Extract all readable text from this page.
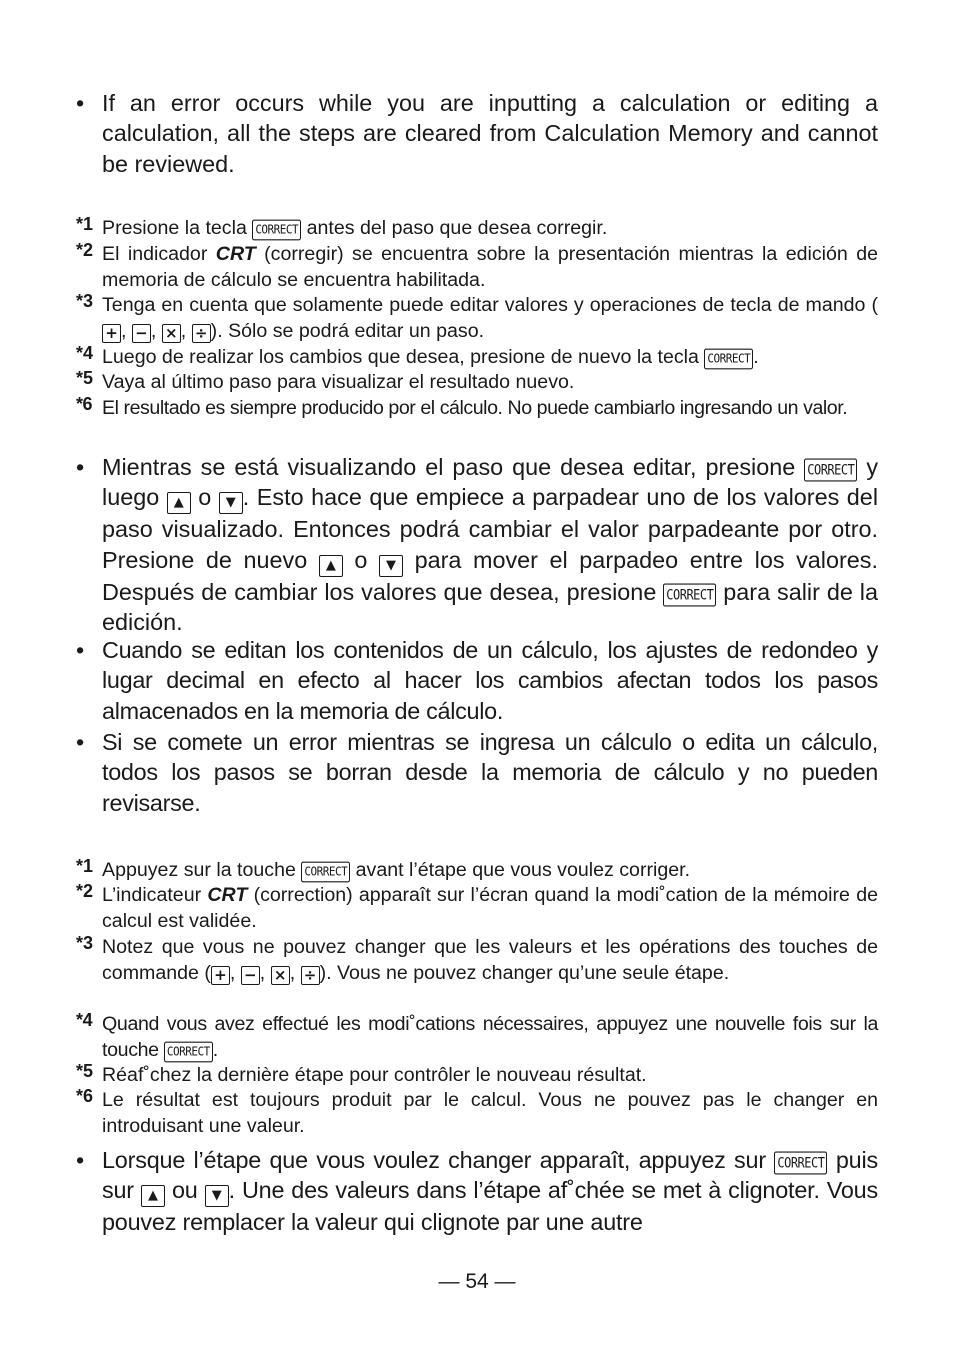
• If an error occurs while you are inputting a calculation or editing a calculation, all the steps are cleared from Calculation Memory and cannot be reviewed.
*1 Presione la tecla CORRECT antes del paso que desea corregir.
*2 El indicador CRT (corregir) se encuentra sobre la presentación mientras la edición de memoria de cálculo se encuentra habilitada.
*3 Tenga en cuenta que solamente puede editar valores y operaciones de tecla de mando (+ , − , × , ÷ ). Sólo se podrá editar un paso.
*4 Luego de realizar los cambios que desea, presione de nuevo la tecla CORRECT .
*5 Vaya al último paso para visualizar el resultado nuevo.
*6 El resultado es siempre producido por el cálculo. No puede cambiarlo ingresando un valor.
• Mientras se está visualizando el paso que desea editar, presione CORRECT y luego ▲ o ▼ . Esto hace que empiece a parpadear uno de los valores del paso visualizado. Entonces podrá cambiar el valor parpadeante por otro. Presione de nuevo ▲ o ▼ para mover el parpadeo entre los valores. Después de cambiar los valores que desea, presione CORRECT para salir de la edición.
• Cuando se editan los contenidos de un cálculo, los ajustes de redondeo y lugar decimal en efecto al hacer los cambios afectan todos los pasos almacenados en la memoria de cálculo.
• Si se comete un error mientras se ingresa un cálculo o edita un cálculo, todos los pasos se borran desde la memoria de cálculo y no pueden revisarse.
*1 Appuyez sur la touche CORRECT avant l’étape que vous voulez corriger.
*2 L’indicateur CRT (correction) apparaît sur l’écran quand la modi˚cation de la mémoire de calcul est validée.
*3 Notez que vous ne pouvez changer que les valeurs et les opérations des touches de commande ( + , − , × , ÷ ). Vous ne pouvez changer qu’une seule étape.
*4 Quand vous avez effectué les modi˚cations nécessaires, appuyez une nouvelle fois sur la touche CORRECT .
*5 Réaf˚chez la dernière étape pour contrôler le nouveau résultat.
*6 Le résultat est toujours produit par le calcul. Vous ne pouvez pas le changer en introduisant une valeur.
• Lorsque l’étape que vous voulez changer apparaît, appuyez sur CORRECT puis sur ▲ ou ▼ . Une des valeurs dans l’étape af˚chée se met à clignoter. Vous pouvez remplacer la valeur qui clignote par une autre
— 54 —
